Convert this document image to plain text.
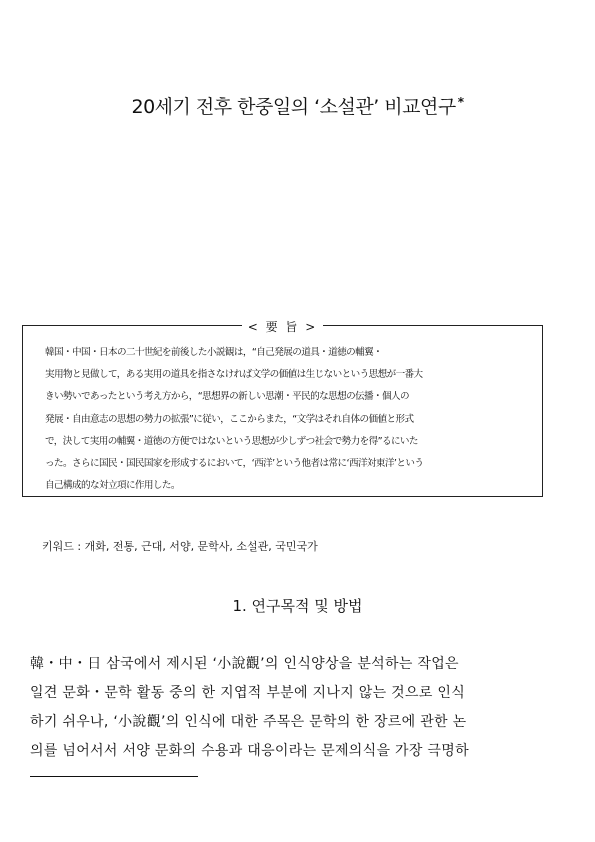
20세기 전후 한중일의 ‘소설관’ 비교연구 *
< 要 旨 >
韓国・中国・日本の二十世紀を前後した小説観は，“自己発展の道具・道徳の輔翼・
実用物と見做して，ある実用の道具を指さなければ文学の価値は生じないという思想が一番大
きい勢いであったという考え方から，“思想界の新しい思潮・平民的な思想の伝播・個人の
発展・自由意志の思想の勢力の拡張”に従い，ここからまた，“文学はそれ自体の価値と形式
で，決して実用の輔翼・道徳の方便ではないという思想が少しずつ社会で勢力を得”るにいた
った。さらに国民・国民国家を形成するにおいて，‘西洋’という他者は常に‘西洋対東洋’という
自己構成的な対立項に作用した。
키워드 : 개화, 전통, 근대, 서양, 문학사, 소설관, 국민국가
1. 연구목적 및 방법
韓・中・日 삼국에서 제시된 ‘小說觀’의 인식양상을 분석하는 작업은
일견 문화・문학 활동 중의 한 지엽적 부분에 지나지 않는 것으로 인식
하기 쉬우나, ‘小說觀’의 인식에 대한 주목은 문학의 한 장르에 관한 논
의를 넘어서서 서양 문화의 수용과 대응이라는 문제의식을 가장 극명하
